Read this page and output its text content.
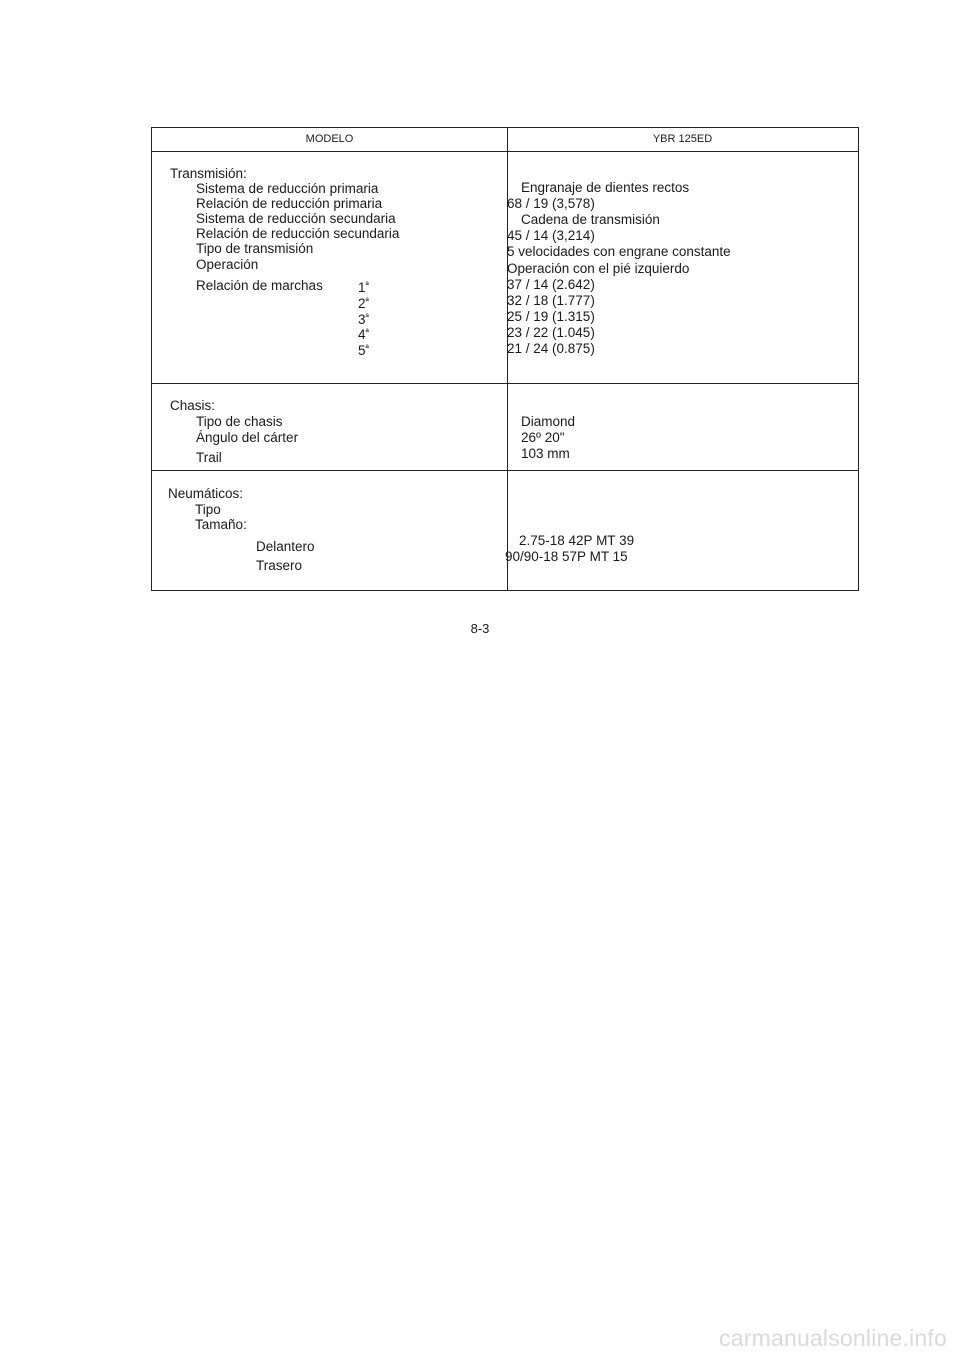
MODELO	YBR 125ED
Transmisión:
Sistema de reducción primaria
Relación de reducción primaria
Sistema de reducción secundaria
Relación de reducción secundaria
Tipo de transmisión
Operación
Relación de marchas	$1^ª$
$2^ª$
$3^ª$
$4^ª$
$5^ª$
Engranaje de dientes rectos
68 / 19 (3,578)
Cadena de transmisión
45 / 14 (3,214)
5 velocidades con engrane constante
Operación con el pié izquierdo
37 / 14 (2.642)
32 / 18 (1.777)
25 / 19 (1.315)
23 / 22 (1.045)
21 / 24 (0.875)
Chasis:
Tipo de chasis
Ángulo del cárter
Trail
Diamond
26º 20"
103 mm
Neumáticos:
Tipo
Tamaño:
Delantero
Trasero
2.75-18 42P MT 39
90/90-18 57P MT 15
8-3
carmanualsonline.info
